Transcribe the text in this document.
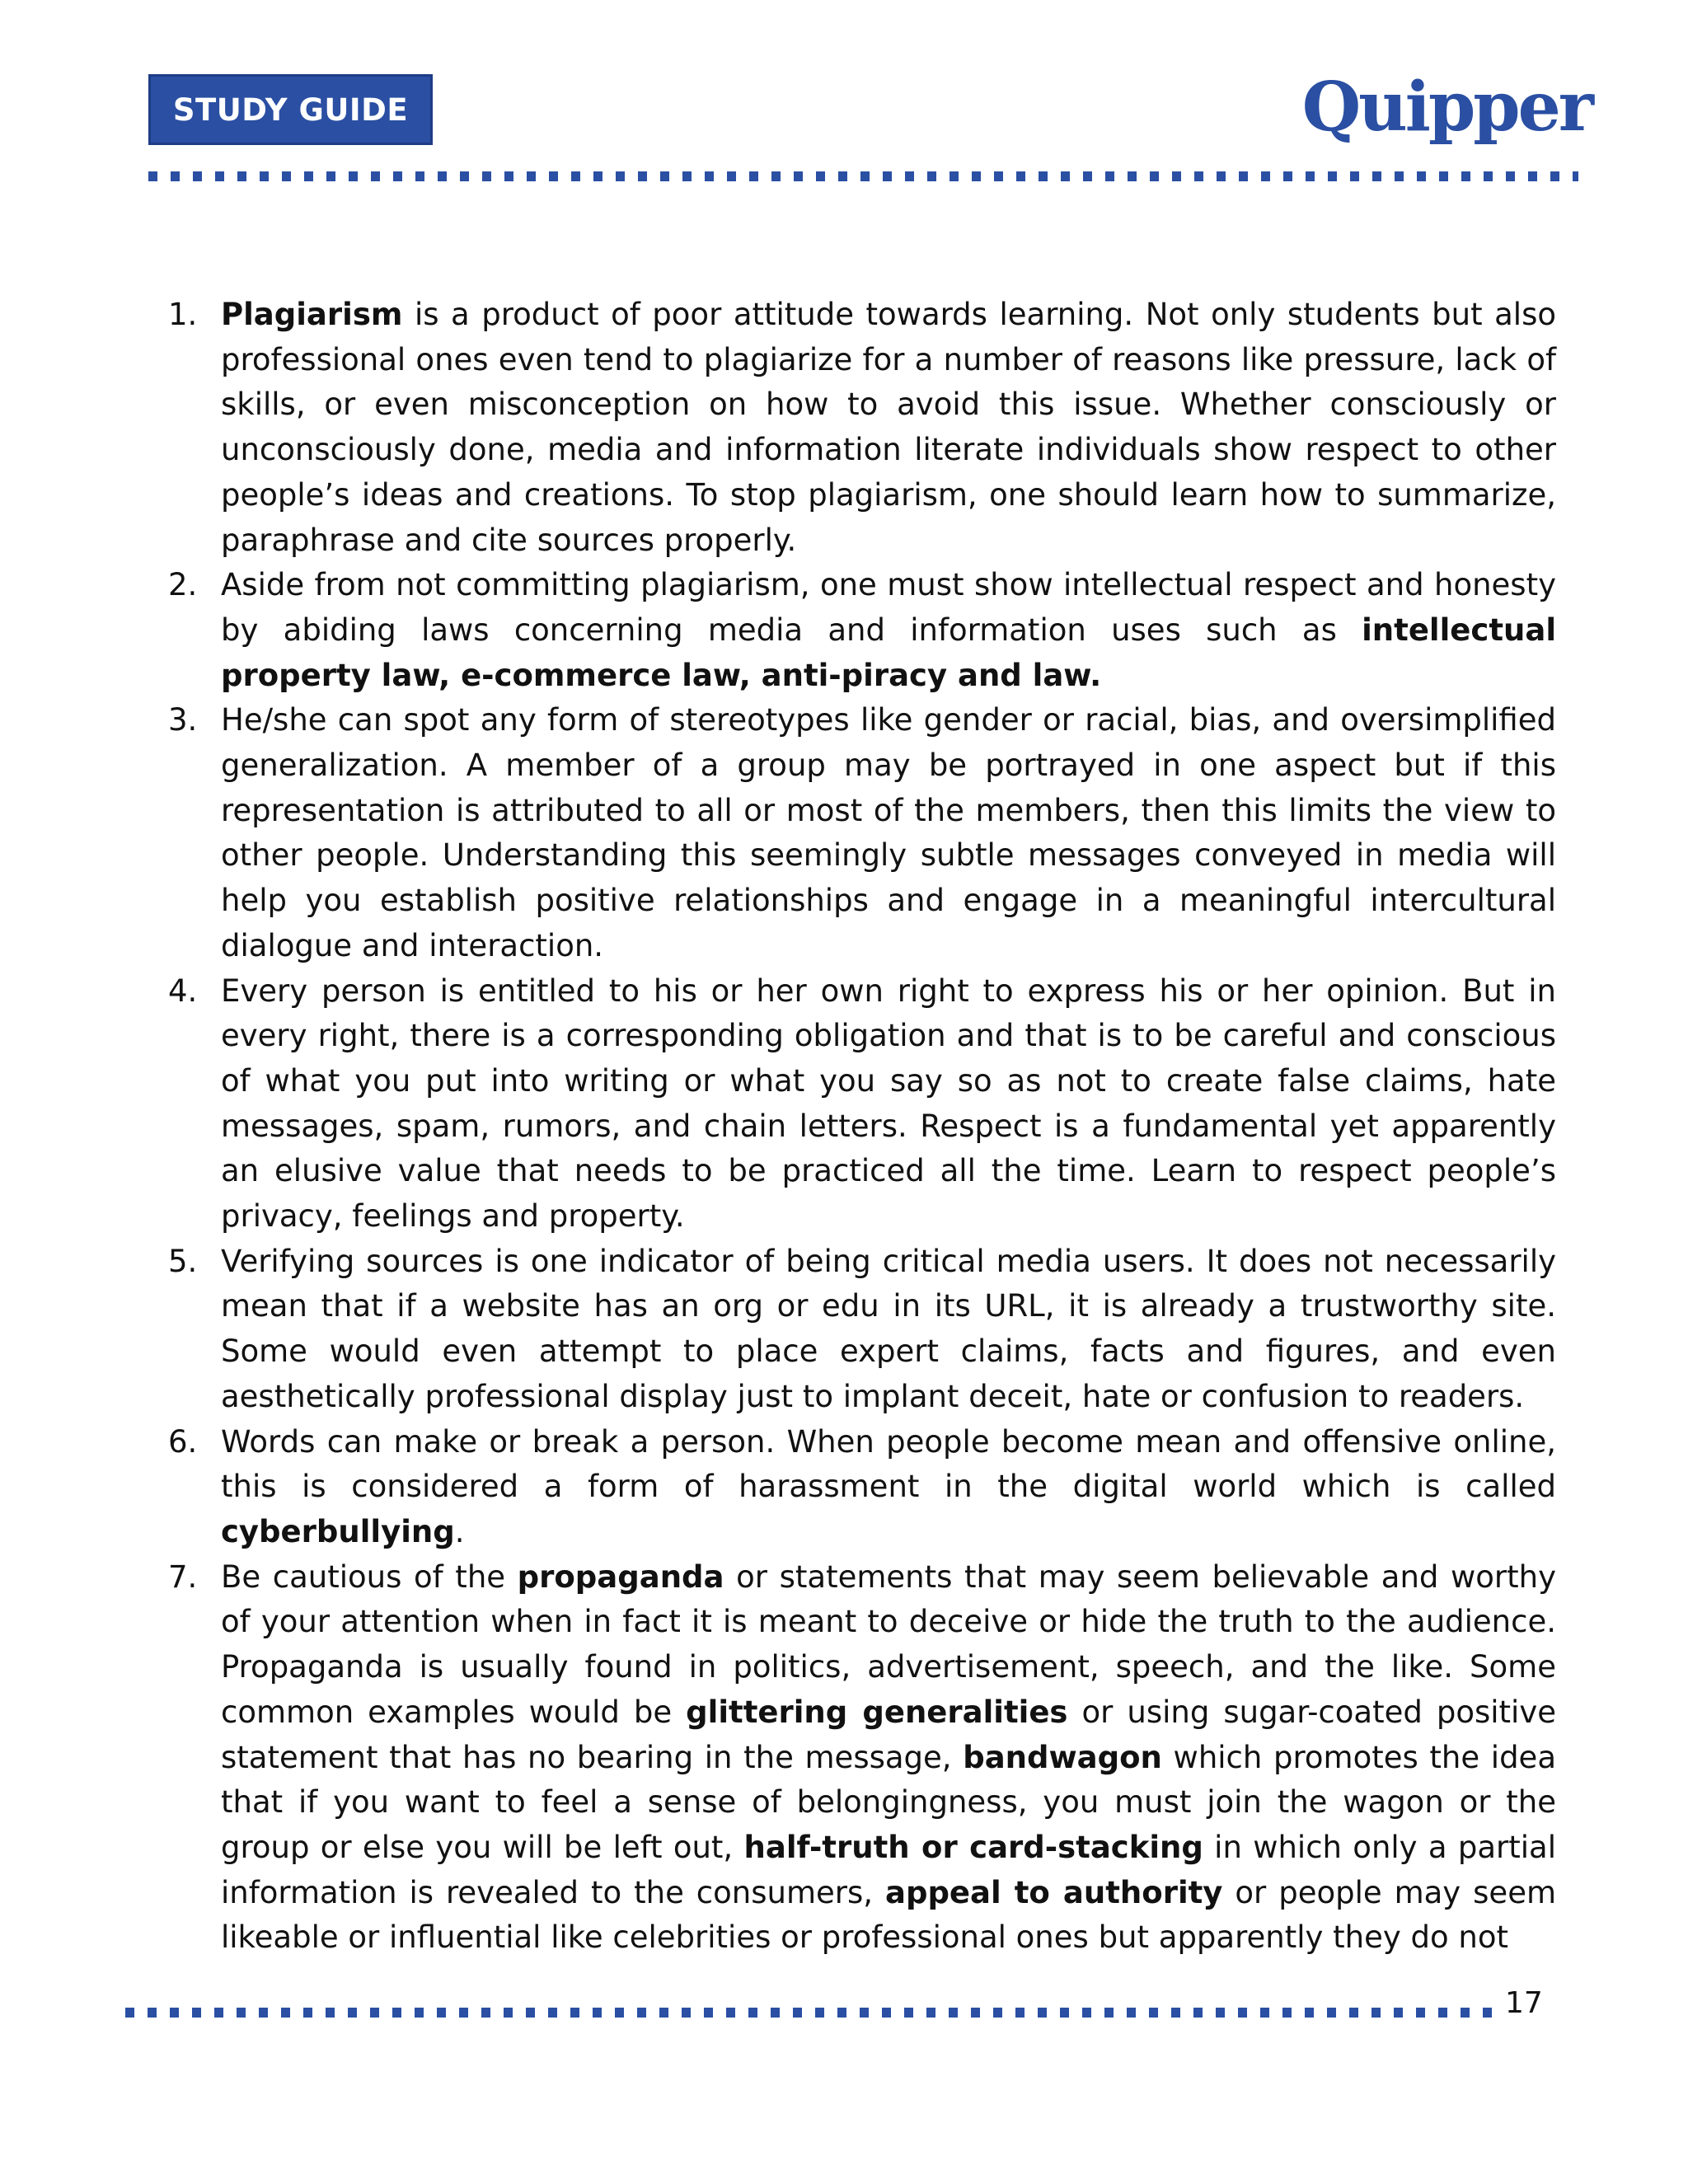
STUDY GUIDE	Quipper
1. Plagiarism is a product of poor attitude towards learning. Not only students but also professional ones even tend to plagiarize for a number of reasons like pressure, lack of skills, or even misconception on how to avoid this issue. Whether consciously or unconsciously done, media and information literate individuals show respect to other people’s ideas and creations. To stop plagiarism, one should learn how to summarize, paraphrase and cite sources properly.
2. Aside from not committing plagiarism, one must show intellectual respect and honesty by abiding laws concerning media and information uses such as intellectual property law, e-commerce law, anti-piracy and law.
3. He/she can spot any form of stereotypes like gender or racial, bias, and oversimplified generalization. A member of a group may be portrayed in one aspect but if this representation is attributed to all or most of the members, then this limits the view to other people. Understanding this seemingly subtle messages conveyed in media will help you establish positive relationships and engage in a meaningful intercultural dialogue and interaction.
4. Every person is entitled to his or her own right to express his or her opinion. But in every right, there is a corresponding obligation and that is to be careful and conscious of what you put into writing or what you say so as not to create false claims, hate messages, spam, rumors, and chain letters. Respect is a fundamental yet apparently an elusive value that needs to be practiced all the time. Learn to respect people’s privacy, feelings and property.
5. Verifying sources is one indicator of being critical media users. It does not necessarily mean that if a website has an org or edu in its URL, it is already a trustworthy site. Some would even attempt to place expert claims, facts and figures, and even aesthetically professional display just to implant deceit, hate or confusion to readers.
6. Words can make or break a person. When people become mean and offensive online, this is considered a form of harassment in the digital world which is called cyberbullying.
7. Be cautious of the propaganda or statements that may seem believable and worthy of your attention when in fact it is meant to deceive or hide the truth to the audience. Propaganda is usually found in politics, advertisement, speech, and the like. Some common examples would be glittering generalities or using sugar-coated positive statement that has no bearing in the message, bandwagon which promotes the idea that if you want to feel a sense of belongingness, you must join the wagon or the group or else you will be left out, half-truth or card-stacking in which only a partial information is revealed to the consumers, appeal to authority or people may seem likeable or influential like celebrities or professional ones but apparently they do not
17
